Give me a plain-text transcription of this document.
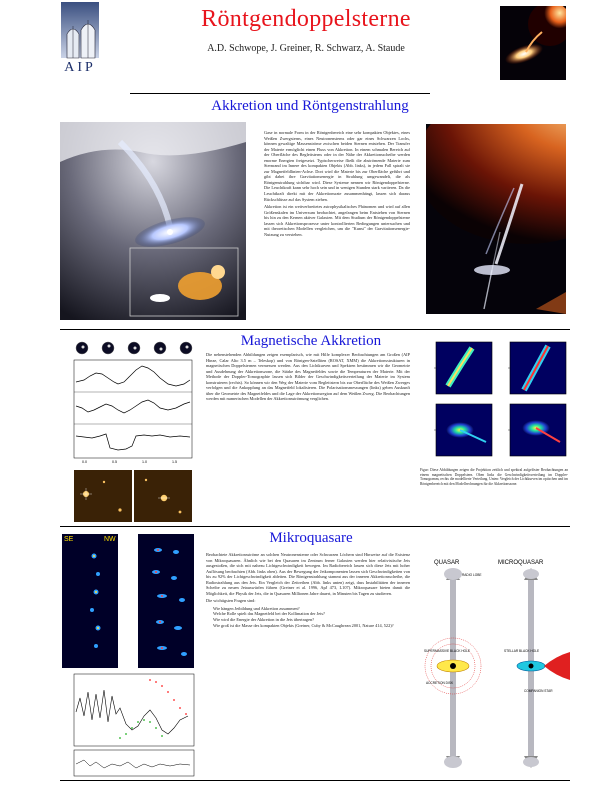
AIP
Röntgendoppelsterne
A.D. Schwope, J. Greiner, R. Schwarz, A. Staude
Akkretion und Röntgenstrahlung

Gase in normale Form in der Röntgenbereich eine sehr kompakten Objektes, eines Weißen Zwergsterns, eines Neutronensterns oder gar eines Schwarzen Lochs, können gewaltige Massenströme zwischen beiden Sternen entstehen. Der Transfer der Materie ermöglicht einen Fluss von Akkretion. In einem schmalen Bereich auf der Oberfläche des Begleitsterns oder in der Nähe der Akkretionsscheibe werden enorme Energien freigesetzt. Typischerweise fließt die abströmende Materie zum Sternrand im Innere des kompakten Objekts (Abb. links), in jedem Fall spiralt sie zur Magnetfeldlinien-Achse. Dort wird die Materie bis zur Oberfläche geführt und gibt dabei ihre Gravitationsenergie in Strahlung umgewandelt, die als Röntgenstrahlung sichtbar wird. Diese Systeme nennen wir Röntgendoppelsterne. Die Leuchtkraft kann sehr hoch sein und in wenigen Stunden stark variieren. Da die Leuchtkraft direkt mit der Akkretionsrate zusammenhängt, lassen sich daraus Rückschlüsse auf das System ziehen.

Akkretion ist ein weitverbreitetes astrophysikalisches Phänomen und wird auf allen Größenskalen im Universum beobachtet, angefangen beim Entstehen von Sternen bis hin zu den Kernen aktiver Galaxien. Mit dem Studium der Röntgendoppelsterne lassen sich Akkretionsprozesse unter kontrollierten Bedingungen untersuchen und mit theoretischen Modellen vergleichen, um die "Kunst" der Gravitationsenergie-Nutzung zu verstehen.

Magnetische Akkretion
0.0	0.5	1.0	1.5
Die nebenstehenden Abbildungen zeigen exemplarisch, wie mit Hilfe komplexer Beobachtungen am Großen (AIP Hinze, Calar Alto 3.5 m – Teleskop) und von Röntgen-Satelliten (ROSAT, XMM) die Akkretionsstrukturen in magnetischen Doppelsternen vermessen werden. Aus den Lichtkurven und Spektren bestimmen wir die Geometrie und Ausdehnung der Akkretionszone, die Stärke des Magnetfeldes sowie die Temperaturen der Materie. Mit der Methode der Doppler-Tomographie lassen sich Bilder der Geschwindigkeitsverteilung der Materie im System konstruieren (rechts). So können wir den Weg der Materie vom Begleitstern bis zur Oberfläche des Weißen Zwerges verfolgen und die Ankopplung an das Magnetfeld lokalisieren. Die Polarisationsmessungen (links) geben Auskunft über die Geometrie des Magnetfeldes und die Lage der Akkretionsregion auf dem Weißen Zwerg. Die Beobachtungen werden mit numerischen Modellen der Akkretionsströmung verglichen.
Figur: Diese Abbildungen zeigen die Projektion zeitlich und spektral aufgelöster Beobachtungen an einem magnetischen Doppelstern. Oben links die Geschwindigkeitsverteilung im Doppler-Tomogramm, rechts die modellierte Verteilung. Unten: Vergleich der Lichtkurven im optischen und im Röntgenbereich mit den Modellrechnungen für die Akkretionszone.
Mikroquasare
SE	NW

Beobachtete Akkretionsströme an solchen Neutronensterne oder Schwarzen Löchern sind Hinweise auf die Existenz von Mikroquasaren. Ähnlich wie bei den Quasaren im Zentrum ferner Galaxien werden hier relativistische Jets ausgestoßen, die sich mit nahezu Lichtgeschwindigkeit bewegen. Im Radiobereich lassen sich diese Jets mit hoher Auflösung beobachten (Abb. links oben). Aus der Bewegung der Jetkomponenten lassen sich Geschwindigkeiten von bis zu 92% der Lichtgeschwindigkeit ableiten. Die Röntgenstrahlung stammt aus der inneren Akkretionsscheibe, die Radiostrahlung aus den Jets. Ein Vergleich der Zeitreihen (Abb. links unten) zeigt, dass Instabilitäten der inneren Scheibe zu neuen Jetauswürfen führen (Greiner et al. 1996, ApJ 473, L107). Mikroquasare bieten damit die Möglichkeit, die Physik der Jets, die in Quasaren Millionen Jahre dauert, in Minuten bis Tagen zu studieren.

Die wichtigsten Fragen sind:

• Wie hängen Jetbildung und Akkretion zusammen?
• Welche Rolle spielt das Magnetfeld bei der Kollimation der Jets?
• Wie wird die Energie der Akkretion in die Jets übertragen?
• Wie groß ist die Masse des kompakten Objekts (Greiner, Cuby & McCaughrean 2001, Nature 414, 522)?
QUASAR	MICROQUASAR
RADIO LOBE
SUPERMASSIVE BLACK HOLE
ACCRETION DISK
STELLAR BLACK HOLE
COMPANION STAR
